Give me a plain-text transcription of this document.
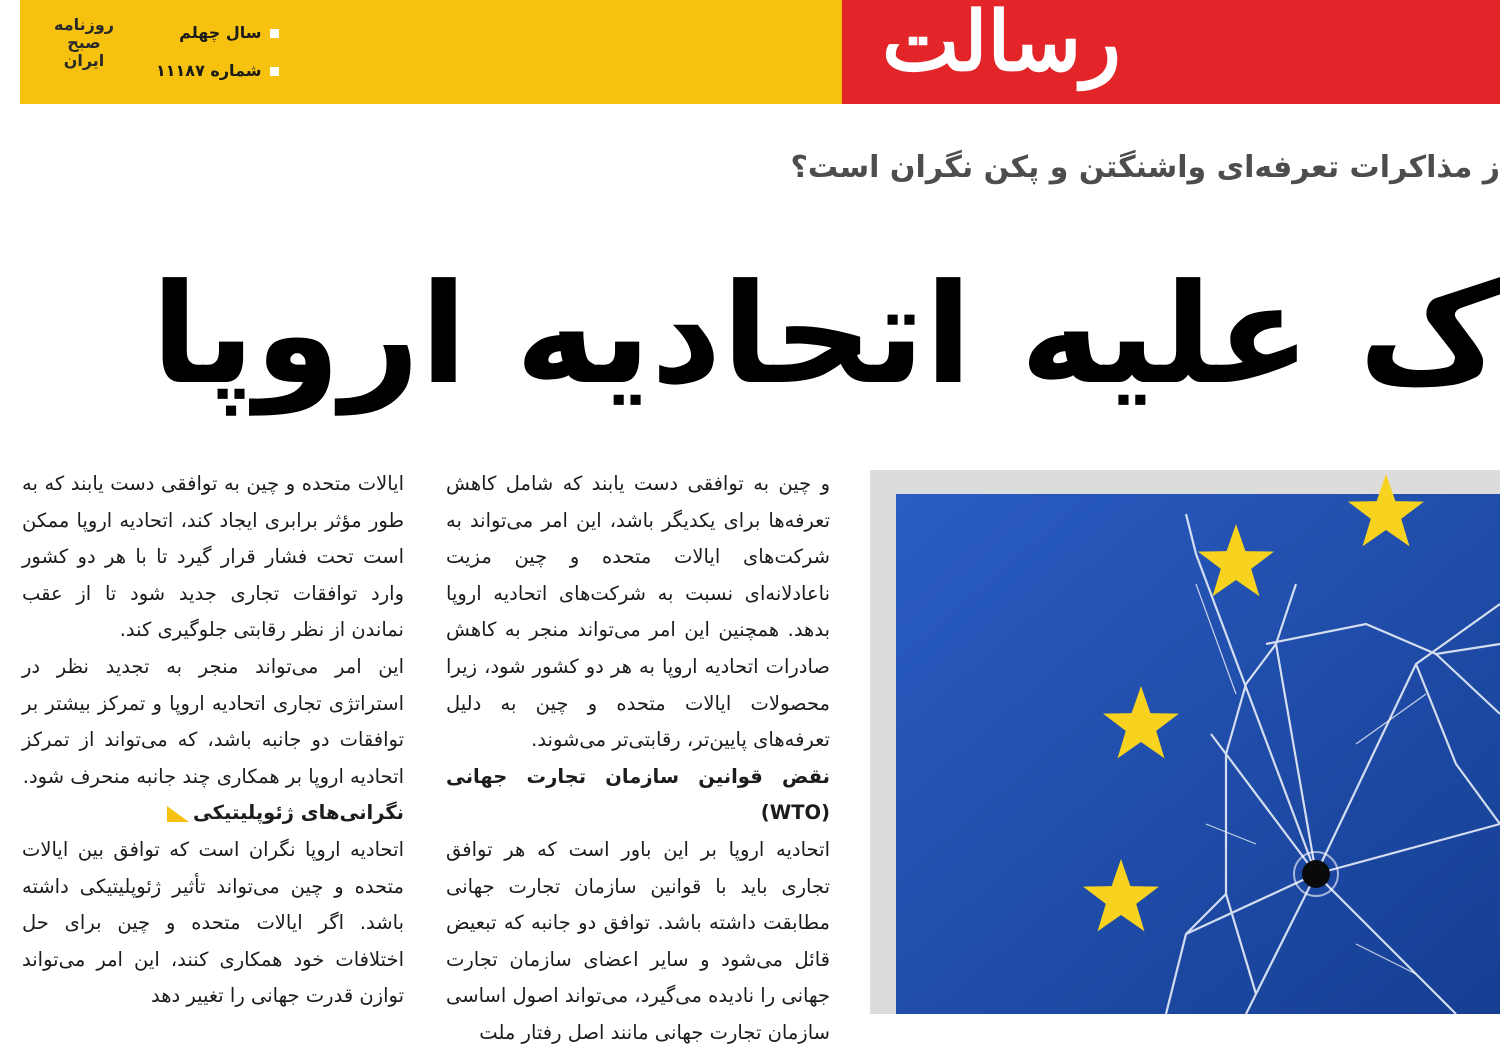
روزنامه
صبح
ایران
سال چهلم
شماره ۱۱۱۸۷	رسالت
ز مذاکرات تعرفه‌ای واشنگتن و پکن نگران است؟
ک علیه اتحادیه اروپا

و چین به توافقی دست یابند که شامل کاهش تعرفه‌ها برای یکدیگر باشد، این امر می‌تواند به شرکت‌های ایالات متحده و چین مزیت ناعادلانه‌ای نسبت به شرکت‌های اتحادیه اروپا بدهد. همچنین این امر می‌تواند منجر به کاهش صادرات اتحادیه اروپا به هر دو کشور شود، زیرا محصولات ایالات متحده و چین به دلیل تعرفه‌های پایین‌تر، رقابتی‌تر می‌شوند.

نقض قوانین سازمان تجارت جهانی (WTO)

اتحادیه اروپا بر این باور است که هر توافق تجاری باید با قوانین سازمان تجارت جهانی مطابقت داشته باشد. توافق دو جانبه که تبعیض قائل می‌شود و سایر اعضای سازمان تجارت جهانی را نادیده می‌گیرد، می‌تواند اصول اساسی سازمان تجارت جهانی مانند اصل رفتار ملت

ایالات متحده و چین به توافقی دست یابند که به طور مؤثر برابری ایجاد کند، اتحادیه اروپا ممکن است تحت فشار قرار گیرد تا با هر دو کشور وارد توافقات تجاری جدید شود تا از عقب نماندن از نظر رقابتی جلوگیری کند.

این امر می‌تواند منجر به تجدید نظر در استراتژی تجاری اتحادیه اروپا و تمرکز بیشتر بر توافقات دو جانبه باشد، که می‌تواند از تمرکز اتحادیه اروپا بر همکاری چند جانبه منحرف شود.

نگرانی‌های ژئوپلیتیکی

اتحادیه اروپا نگران است که توافق بین ایالات متحده و چین می‌تواند تأثیر ژئوپلیتیکی داشته باشد. اگر ایالات متحده و چین برای حل اختلافات خود همکاری کنند، این امر می‌تواند توازن قدرت جهانی را تغییر دهد
